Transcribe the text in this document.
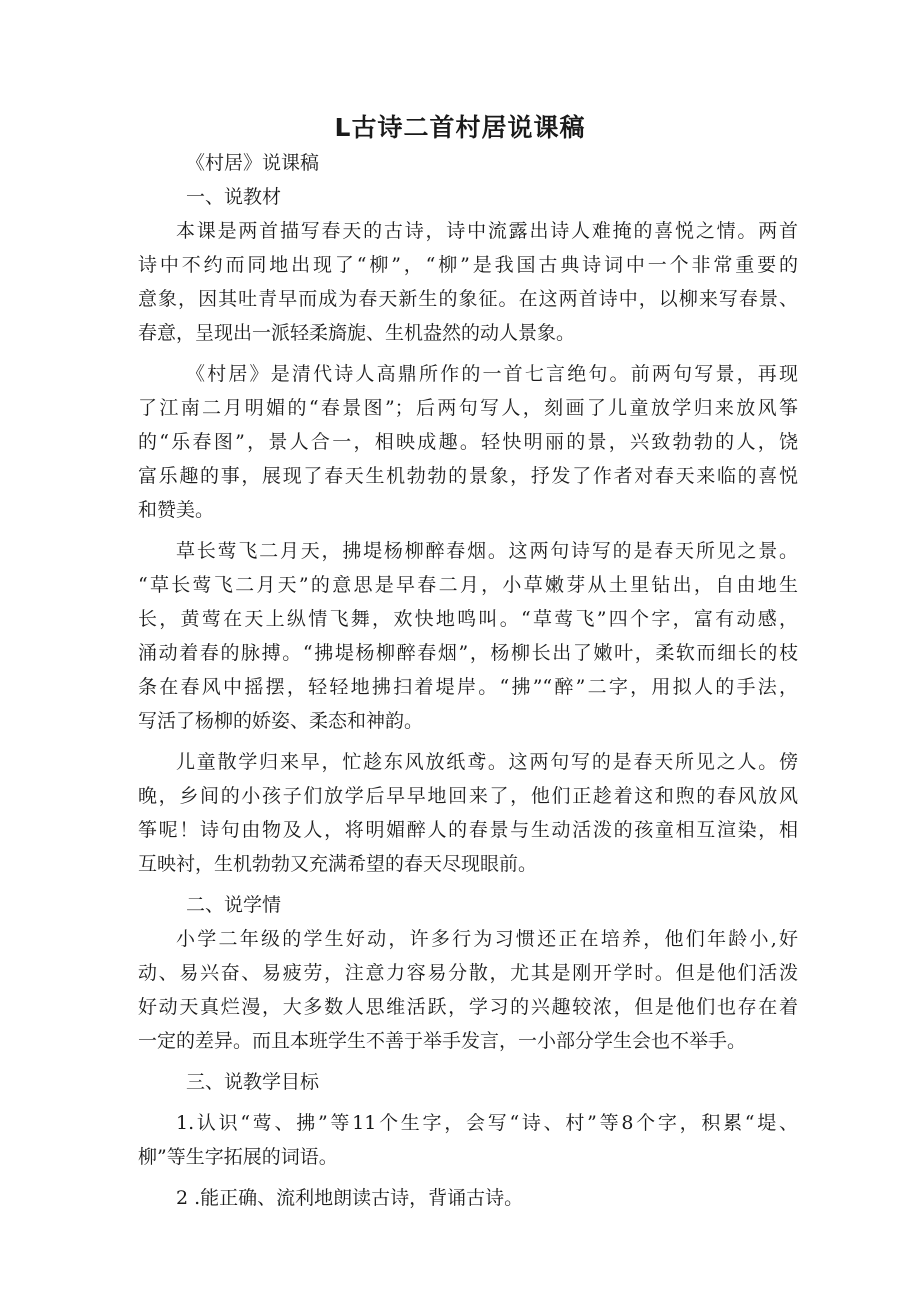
L古诗二首村居说课稿
《村居》说课稿
一、说教材
本课是两首描写春天的古诗，诗中流露出诗人难掩的喜悦之情。两首
诗中不约而同地出现了“柳”，“柳”是我国古典诗词中一个非常重要的
意象，因其吐青早而成为春天新生的象征。在这两首诗中，以柳来写春景、
春意，呈现出一派轻柔旖旎、生机盎然的动人景象。
《村居》是清代诗人高鼎所作的一首七言绝句。前两句写景，再现
了江南二月明媚的“春景图”；后两句写人，刻画了儿童放学归来放风筝
的“乐春图”，景人合一，相映成趣。轻快明丽的景，兴致勃勃的人，饶
富乐趣的事，展现了春天生机勃勃的景象，抒发了作者对春天来临的喜悦
和赞美。
草长莺飞二月天，拂堤杨柳醉春烟。这两句诗写的是春天所见之景。
“草长莺飞二月天”的意思是早春二月，小草嫩芽从土里钻出，自由地生
长，黄莺在天上纵情飞舞，欢快地鸣叫。“草莺飞”四个字，富有动感，
涌动着春的脉搏。“拂堤杨柳醉春烟”，杨柳长出了嫩叶，柔软而细长的枝
条在春风中摇摆，轻轻地拂扫着堤岸。“拂”“醉”二字，用拟人的手法，
写活了杨柳的娇姿、柔态和神韵。
儿童散学归来早，忙趁东风放纸鸢。这两句写的是春天所见之人。傍
晚，乡间的小孩子们放学后早早地回来了，他们正趁着这和煦的春风放风
筝呢！诗句由物及人，将明媚醉人的春景与生动活泼的孩童相互渲染，相
互映衬，生机勃勃又充满希望的春天尽现眼前。
二、说学情
小学二年级的学生好动，许多行为习惯还正在培养，他们年龄小,好
动、易兴奋、易疲劳，注意力容易分散，尤其是刚开学时。但是他们活泼
好动天真烂漫，大多数人思维活跃，学习的兴趣较浓，但是他们也存在着
一定的差异。而且本班学生不善于举手发言，一小部分学生会也不举手。
三、说教学目标
1.认识“莺、拂”等11个生字，会写“诗、村”等8个字，积累“堤、
柳”等生字拓展的词语。
2 .能正确、流利地朗读古诗，背诵古诗。
